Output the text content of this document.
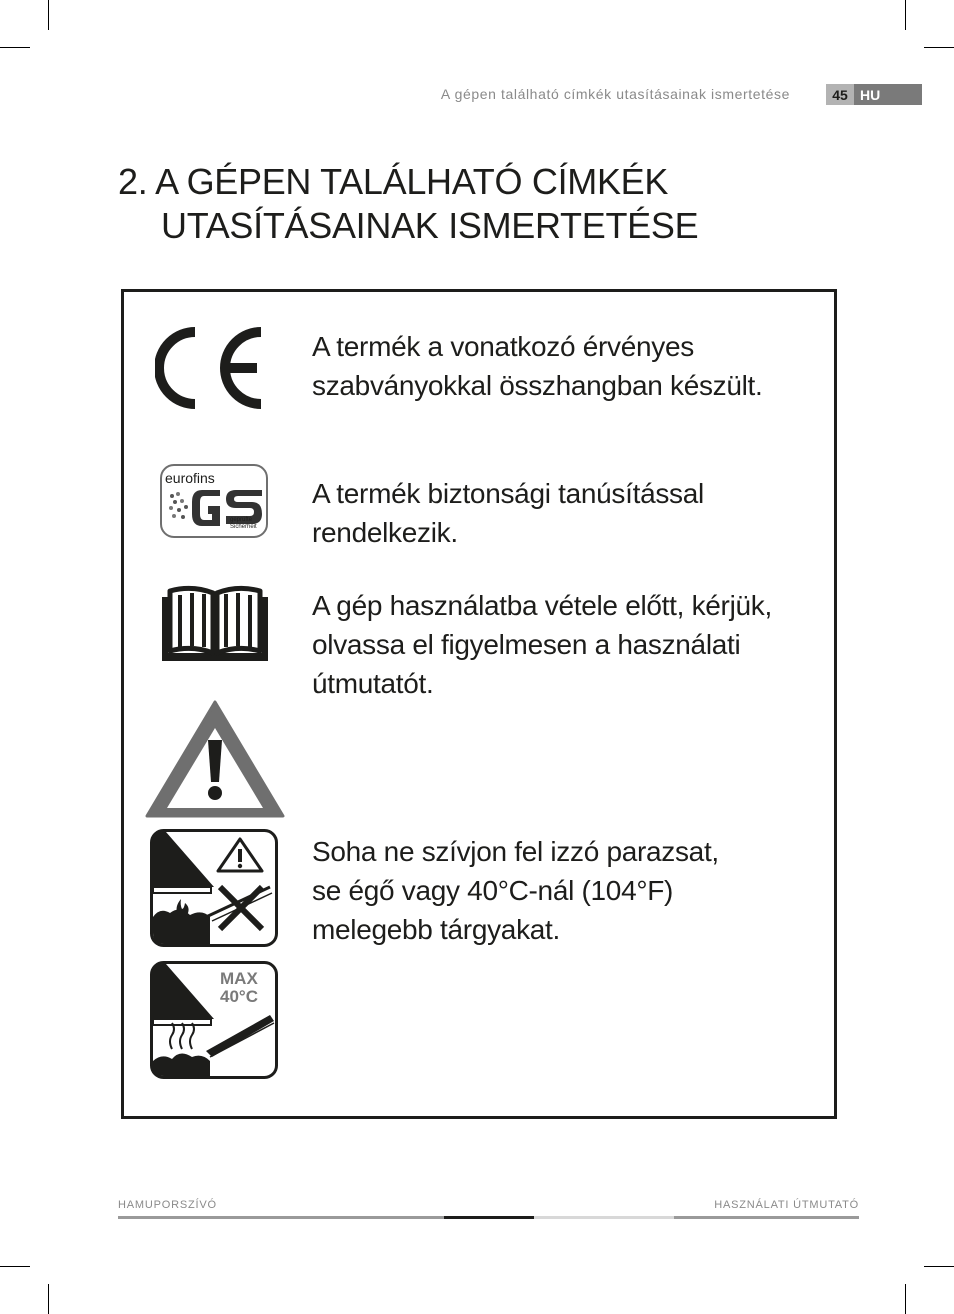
A gépen található címkék utasításainak ismertetése	45 HU
2. A GÉPEN TALÁLHATÓ CÍMKÉK
UTASÍTÁSAINAK ISMERTETÉSE
A termék a vonatkozó érvényes
szabványokkal összhangban készült.
eurofins
geprüfte
Sicherheit
A termék biztonsági tanúsítással
rendelkezik.
A gép használatba vétele előtt, kérjük,
olvassa el figyelmesen a használati
útmutatót.
Soha ne szívjon fel izzó parazsat,
se égő vagy 40°C-nál (104°F)
melegebb tárgyakat.
MAX
40°C
HAMUPORSZÍVÓ	HASZNÁLATI ÚTMUTATÓ
